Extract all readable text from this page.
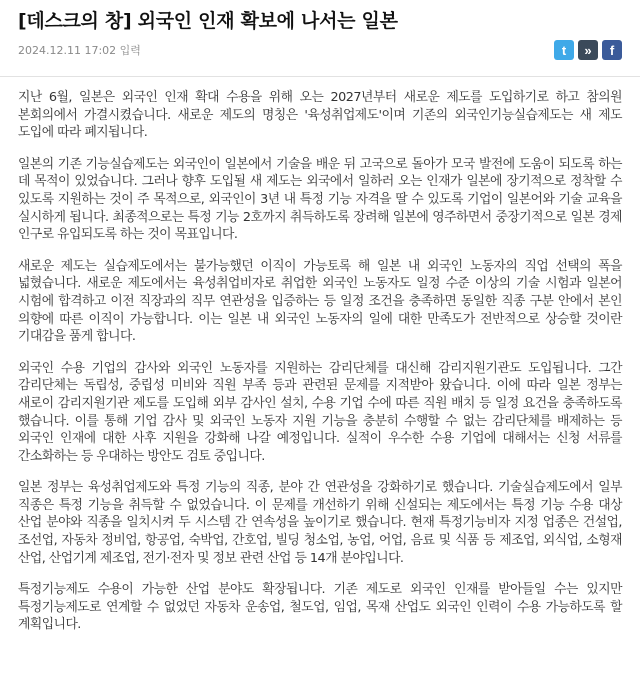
[데스크의 창] 외국인 인재 확보에 나서는 일본
2024.12.11 17:02 입력	t	»	f

지난 6월, 일본은 외국인 인재 확대 수용을 위해 오는 2027년부터 새로운 제도를 도입하기로 하고 참의원 본회의에서 가결시켰습니다. 새로운 제도의 명칭은 '육성취업제도'이며 기존의 외국인기능실습제도는 새 제도 도입에 따라 폐지됩니다.

일본의 기존 기능실습제도는 외국인이 일본에서 기술을 배운 뒤 고국으로 돌아가 모국 발전에 도움이 되도록 하는 데 목적이 있었습니다. 그러나 향후 도입될 새 제도는 외국에서 일하러 오는 인재가 일본에 장기적으로 정착할 수 있도록 지원하는 것이 주 목적으로, 외국인이 3년 내 특정 기능 자격을 딸 수 있도록 기업이 일본어와 기술 교육을 실시하게 됩니다. 최종적으로는 특정 기능 2호까지 취득하도록 장려해 일본에 영주하면서 중장기적으로 일본 경제 인구로 유입되도록 하는 것이 목표입니다.

새로운 제도는 실습제도에서는 불가능했던 이직이 가능토록 해 일본 내 외국인 노동자의 직업 선택의 폭을 넓혔습니다. 새로운 제도에서는 육성취업비자로 취업한 외국인 노동자도 일정 수준 이상의 기술 시험과 일본어 시험에 합격하고 이전 직장과의 직무 연관성을 입증하는 등 일정 조건을 충족하면 동일한 직종 구분 안에서 본인 의향에 따른 이직이 가능합니다. 이는 일본 내 외국인 노동자의 일에 대한 만족도가 전반적으로 상승할 것이란 기대감을 품게 합니다.

외국인 수용 기업의 감사와 외국인 노동자를 지원하는 감리단체를 대신해 감리지원기관도 도입됩니다. 그간 감리단체는 독립성, 중립성 미비와 직원 부족 등과 관련된 문제를 지적받아 왔습니다. 이에 따라 일본 정부는 새로이 감리지원기관 제도를 도입해 외부 감사인 설치, 수용 기업 수에 따른 직원 배치 등 일정 요건을 충족하도록 했습니다. 이를 통해 기업 감사 및 외국인 노동자 지원 기능을 충분히 수행할 수 없는 감리단체를 배제하는 등 외국인 인재에 대한 사후 지원을 강화해 나갈 예정입니다. 실적이 우수한 수용 기업에 대해서는 신청 서류를 간소화하는 등 우대하는 방안도 검토 중입니다.

일본 정부는 육성취업제도와 특정 기능의 직종, 분야 간 연관성을 강화하기로 했습니다. 기술실습제도에서 일부 직종은 특정 기능을 취득할 수 없었습니다. 이 문제를 개선하기 위해 신설되는 제도에서는 특정 기능 수용 대상 산업 분야와 직종을 일치시켜 두 시스템 간 연속성을 높이기로 했습니다. 현재 특정기능비자 지정 업종은 건설업, 조선업, 자동차 정비업, 항공업, 숙박업, 간호업, 빌딩 청소업, 농업, 어업, 음료 및 식품 등 제조업, 외식업, 소형재 산업, 산업기계 제조업, 전기·전자 및 정보 관련 산업 등 14개 분야입니다.

특정기능제도 수용이 가능한 산업 분야도 확장됩니다. 기존 제도로 외국인 인재를 받아들일 수는 있지만 특정기능제도로 연계할 수 없었던 자동차 운송업, 철도업, 임업, 목재 산업도 외국인 인력이 수용 가능하도록 할 계획입니다.
